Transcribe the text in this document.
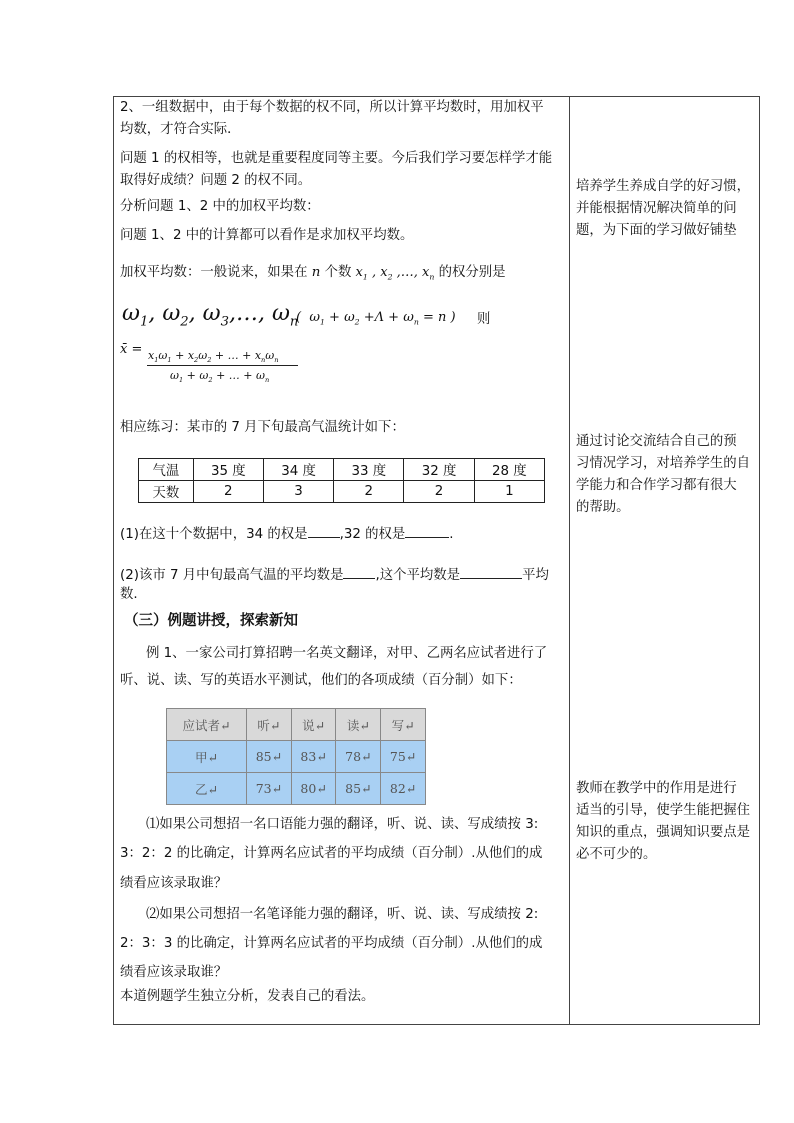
2、一组数据中，由于每个数据的权不同，所以计算平均数时，用加权平
均数，才符合实际．
问题 1 的权相等，也就是重要程度同等主要。今后我们学习要怎样学才能
取得好成绩？问题 2 的权不同。
分析问题 1、2 中的加权平均数：
问题 1、2 中的计算都可以看作是求加权平均数。
加权平均数：一般说来，如果在 n 个数 $x_1$ , $x_2$ ,…, $x_n$ 的权分别是
$\omega_1$, $\omega_2$, $\omega_3,\dots$, $\omega_n$
(  $\omega_1 + \omega_2 +\Lambda + \omega_n = n$ ) 则
x̄ = $x_1\omega_1 + x_2\omega_2$ + … + $x_n\omega_n$
$\omega_1 + \omega_2$ + … + $\omega_n$
相应练习：某市的 7 月下旬最高气温统计如下：
气温	35 度	34 度	33 度	32 度	28 度
天数	2	3	2	2	1
(1)在这十个数据中，34 的权是 ,32 的权是	.
(2)该市 7 月中旬最高气温的平均数是 ,这个平均数是	平均
数.
（三）例题讲授，探索新知
例 1、一家公司打算招聘一名英文翻译，对甲、乙两名应试者进行了
听、说、读、写的英语水平测试，他们的各项成绩（百分制）如下：
应试者↵	听↵	说↵	读↵	写↵
甲↵	85↵	83↵	78↵	75↵
乙↵	73↵	80↵	85↵	82↵
⑴如果公司想招一名口语能力强的翻译，听、说、读、写成绩按 3:
3：2：2 的比确定，计算两名应试者的平均成绩（百分制）.从他们的成
绩看应该录取谁？
⑵如果公司想招一名笔译能力强的翻译，听、说、读、写成绩按 2:
2：3：3 的比确定，计算两名应试者的平均成绩（百分制）.从他们的成
绩看应该录取谁？
本道例题学生独立分析，发表自己的看法。
培养学生养成自学的好习惯，
并能根据情况解决简单的问
题，为下面的学习做好铺垫
通过讨论交流结合自己的预
习情况学习，对培养学生的自
学能力和合作学习都有很大
的帮助。
教师在教学中的作用是进行
适当的引导，使学生能把握住
知识的重点，强调知识要点是
必不可少的。
